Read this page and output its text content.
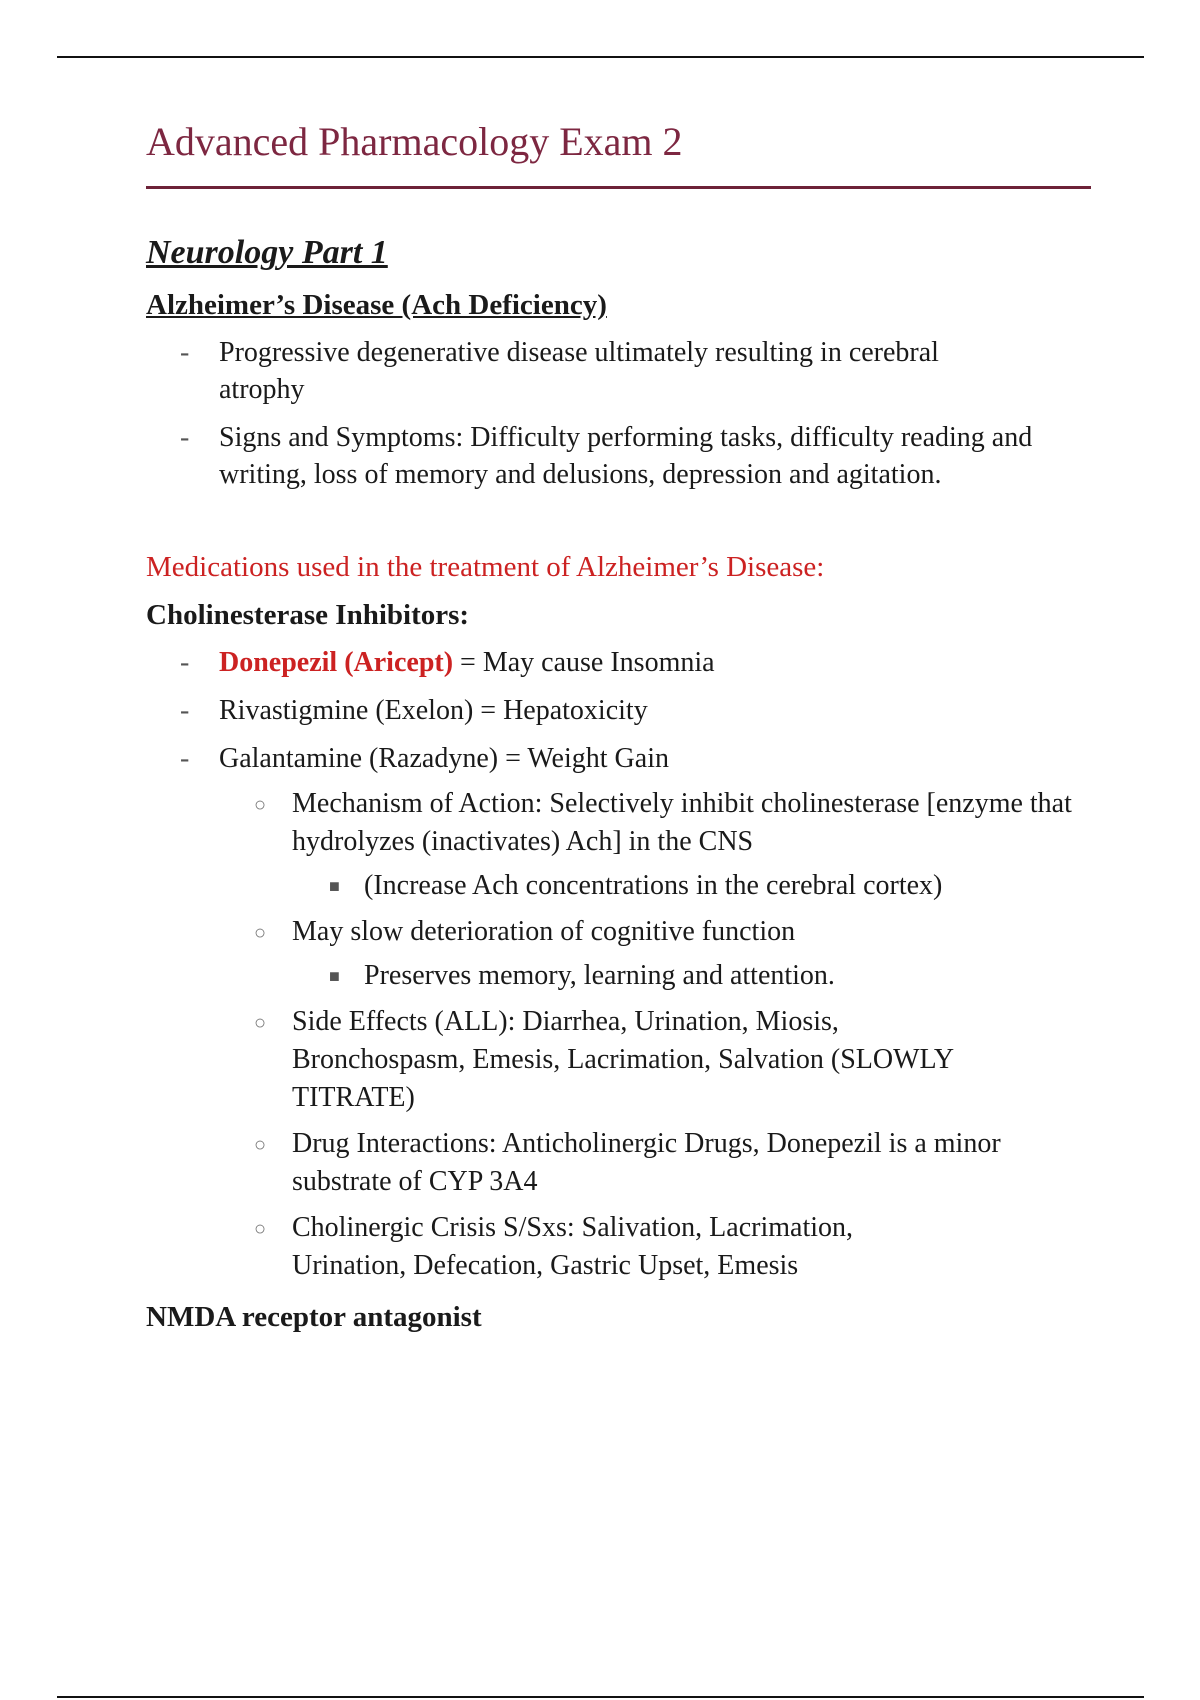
Advanced Pharmacology Exam 2
Neurology Part 1
Alzheimer’s Disease (Ach Deficiency)
- Progressive degenerative disease ultimately resulting in cerebral atrophy
- Signs and Symptoms: Difficulty performing tasks, difficulty reading and writing, loss of memory and delusions, depression and agitation.
Medications used in the treatment of Alzheimer’s Disease:
Cholinesterase Inhibitors:
- Donepezil (Aricept) = May cause Insomnia
- Rivastigmine (Exelon) = Hepatoxicity
- Galantamine (Razadyne) = Weight Gain
○ Mechanism of Action: Selectively inhibit cholinesterase [enzyme that hydrolyzes (inactivates) Ach] in the CNS
■ (Increase Ach concentrations in the cerebral cortex)
○ May slow deterioration of cognitive function
■ Preserves memory, learning and attention.
○ Side Effects (ALL): Diarrhea, Urination, Miosis, Bronchospasm, Emesis, Lacrimation, Salvation (SLOWLY TITRATE)
○ Drug Interactions: Anticholinergic Drugs, Donepezil is a minor substrate of CYP 3A4
○ Cholinergic Crisis S/Sxs: Salivation, Lacrimation, Urination, Defecation, Gastric Upset, Emesis
NMDA receptor antagonist
